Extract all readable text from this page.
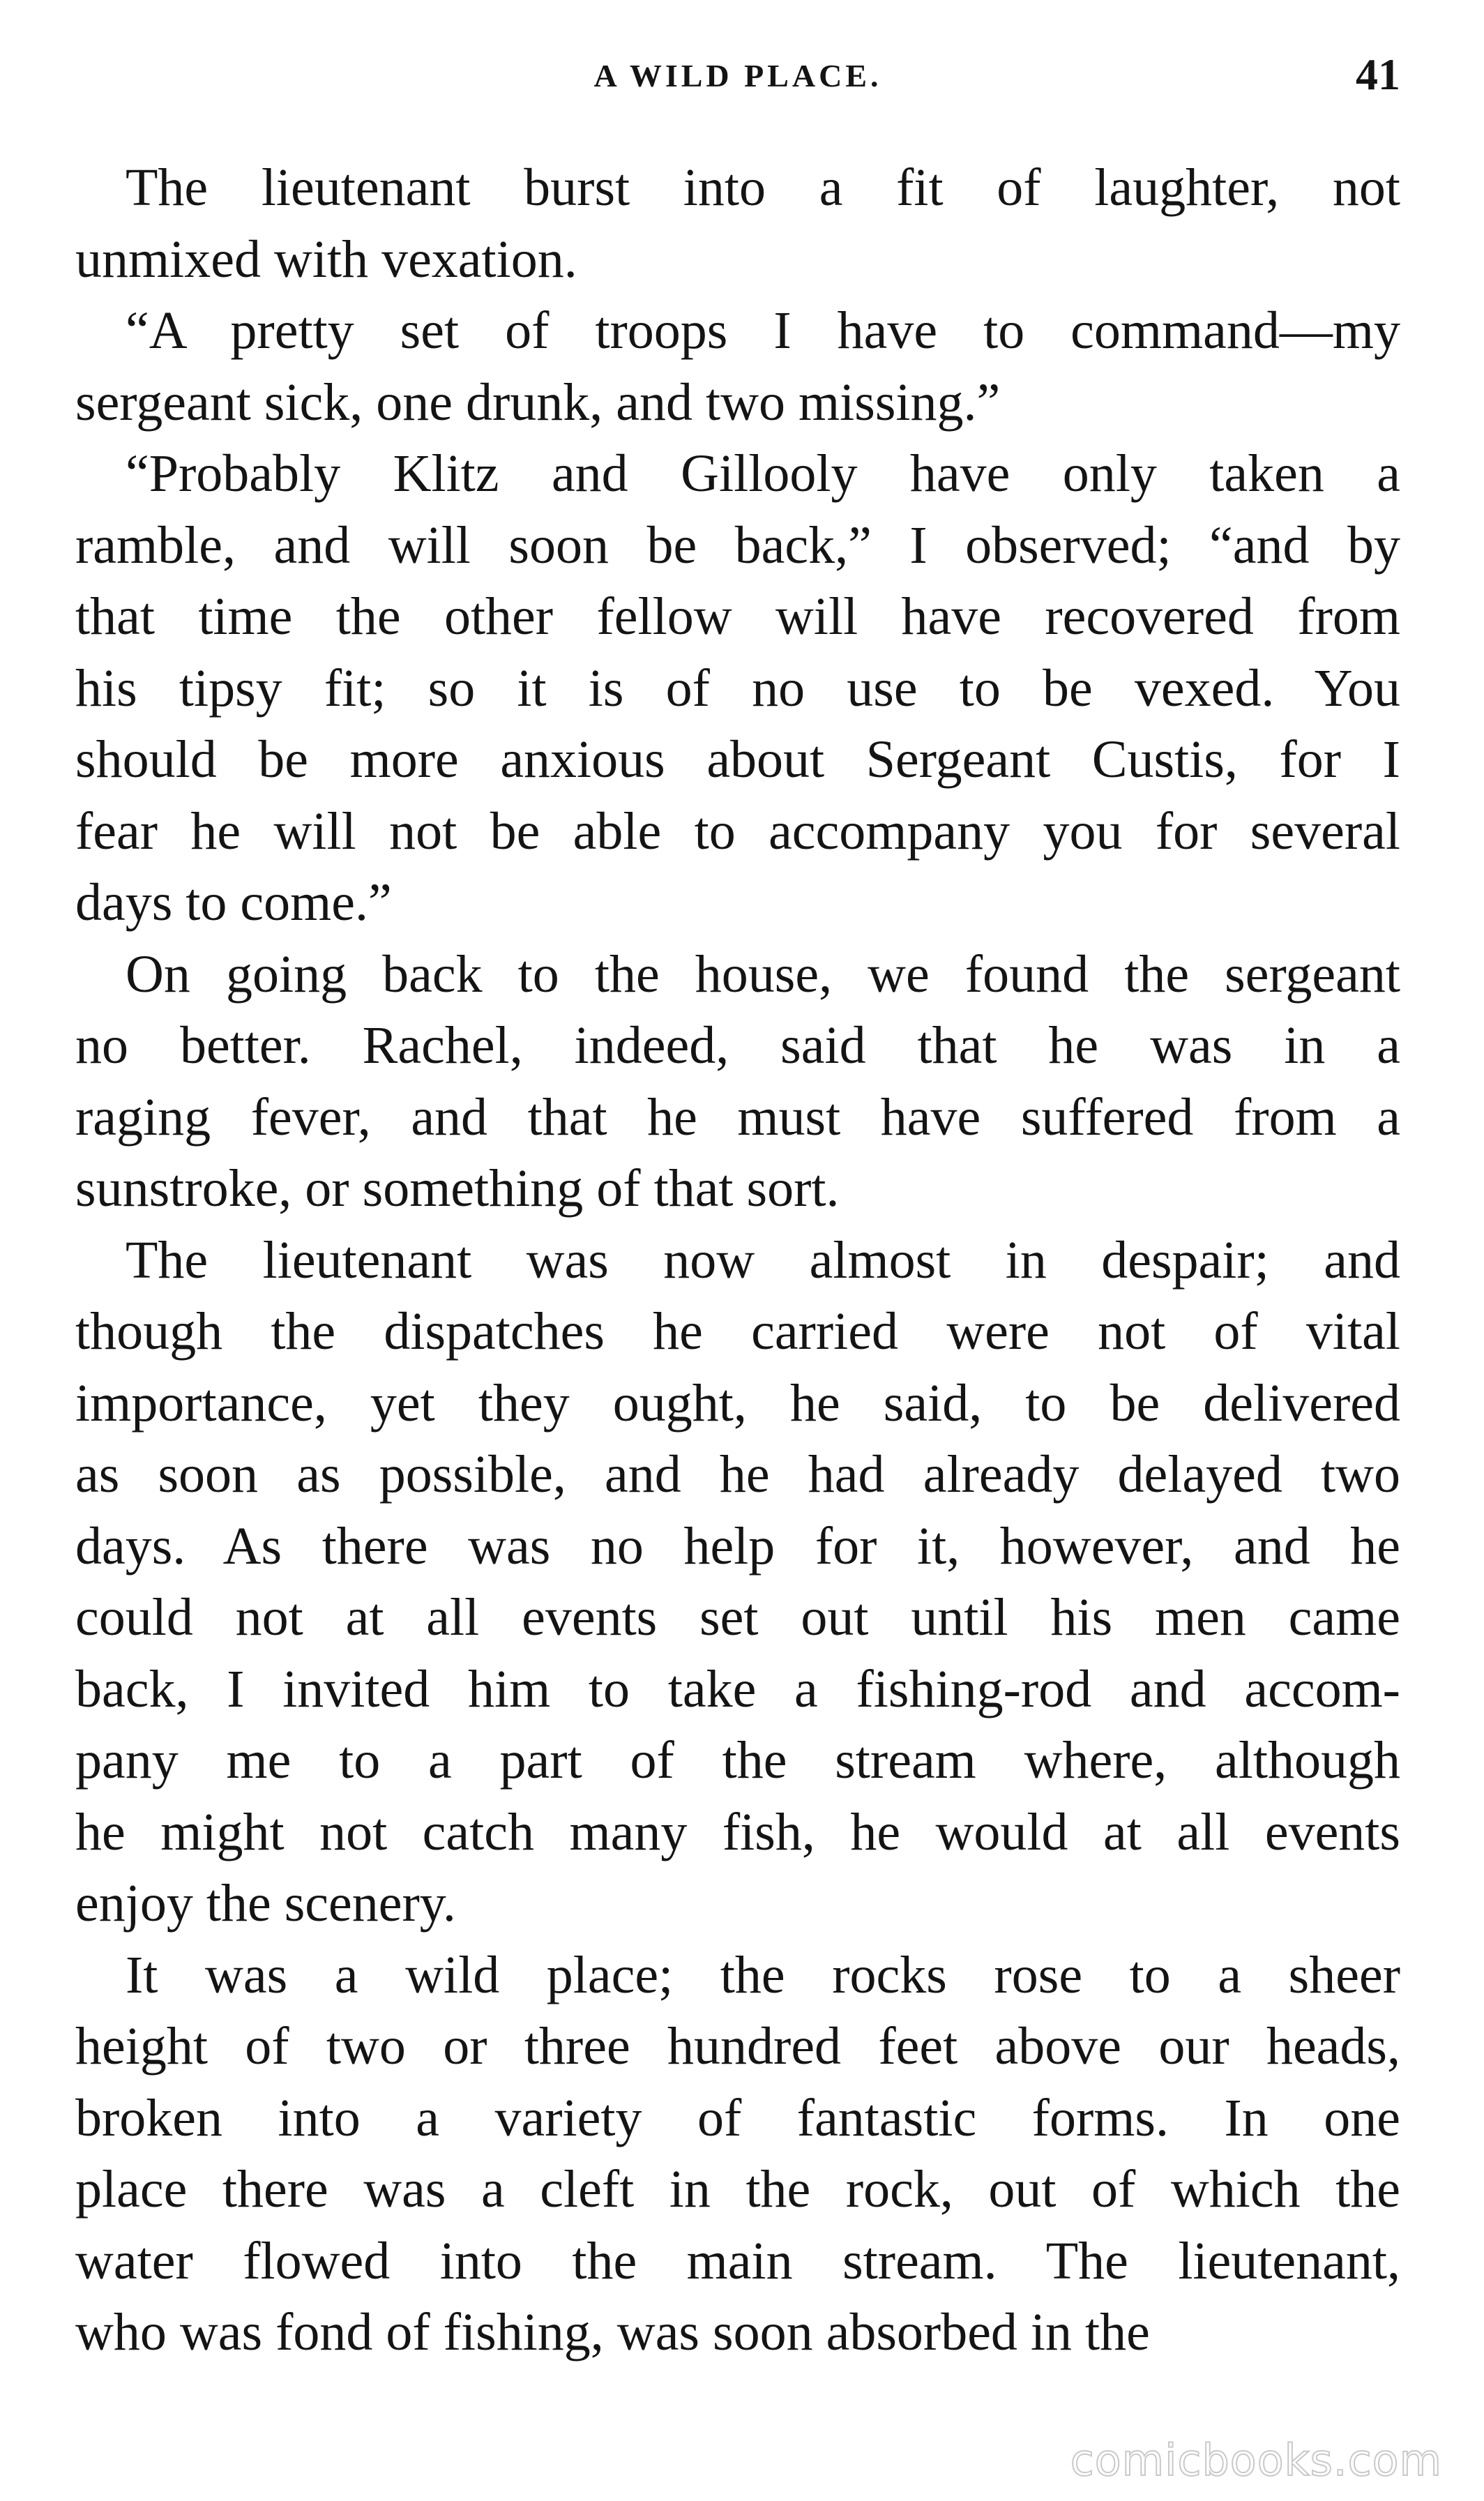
A WILD PLACE.	41
The lieutenant burst into a fit of laughter, not
unmixed with vexation.
“A pretty set of troops I have to command—my
sergeant sick, one drunk, and two missing.”
“Probably Klitz and Gillooly have only taken a
ramble, and will soon be back,” I observed; “and by
that time the other fellow will have recovered from
his tipsy fit; so it is of no use to be vexed. You
should be more anxious about Sergeant Custis, for I
fear he will not be able to accompany you for several
days to come.”
On going back to the house, we found the sergeant
no better. Rachel, indeed, said that he was in a
raging fever, and that he must have suffered from a
sunstroke, or something of that sort.
The lieutenant was now almost in despair; and
though the dispatches he carried were not of vital
importance, yet they ought, he said, to be delivered
as soon as possible, and he had already delayed two
days. As there was no help for it, however, and he
could not at all events set out until his men came
back, I invited him to take a fishing-rod and accom-
pany me to a part of the stream where, although
he might not catch many fish, he would at all events
enjoy the scenery.
It was a wild place; the rocks rose to a sheer
height of two or three hundred feet above our heads,
broken into a variety of fantastic forms. In one
place there was a cleft in the rock, out of which the
water flowed into the main stream. The lieutenant,
who was fond of fishing, was soon absorbed in the
comicbooks.com
